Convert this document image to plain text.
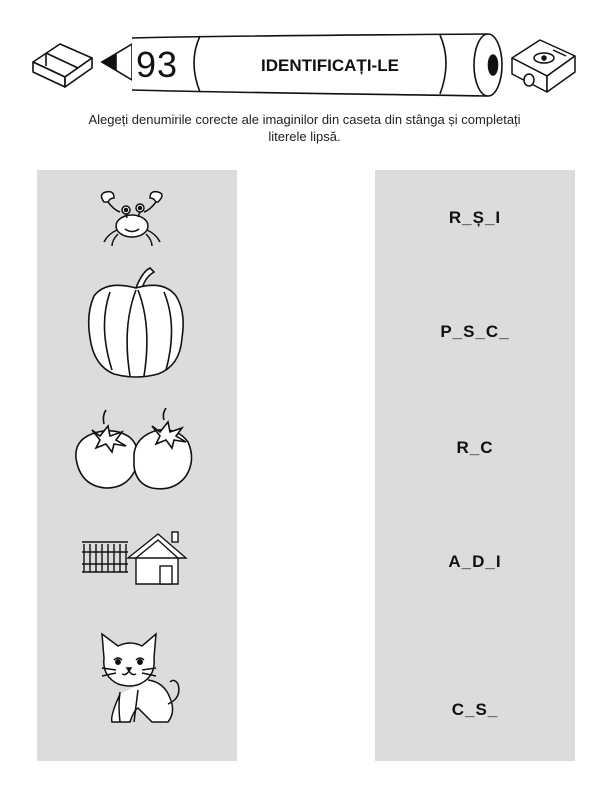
93	IDENTIFICAȚI-LE
Alegeți denumirile corecte ale imaginilor din caseta din stânga și completați literele lipsă.
R_Ș_I
P_S_C_
R_C
A_D_I
C_S_
